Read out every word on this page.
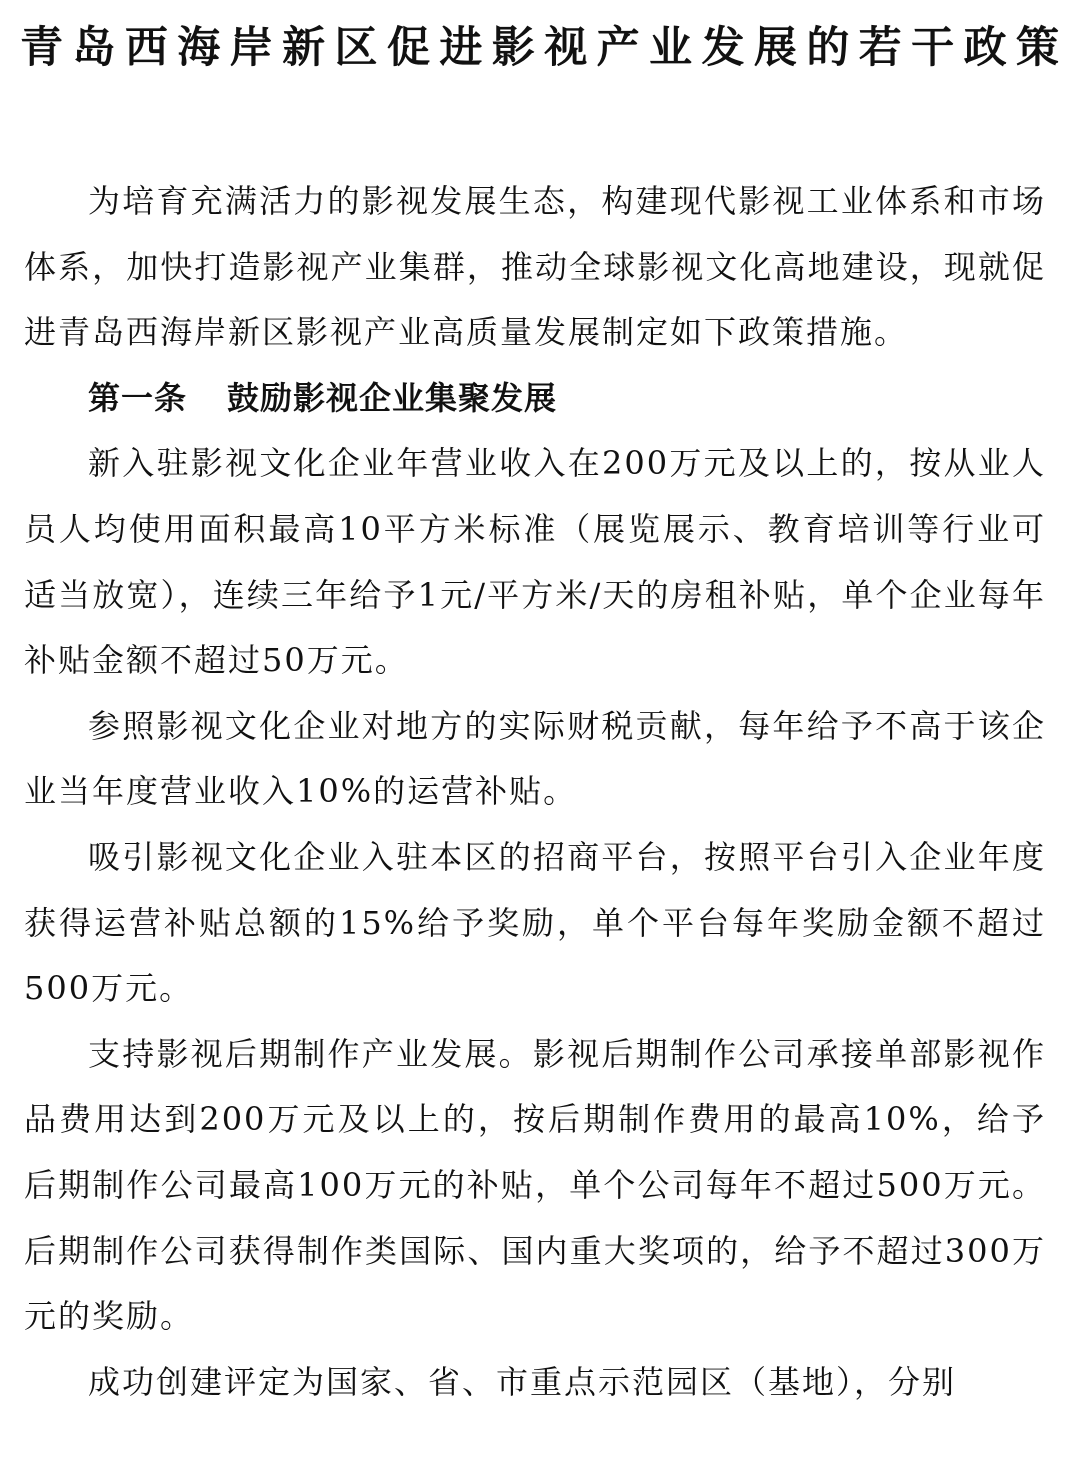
青岛西海岸新区促进影视产业发展的若干政策

为培育充满活力的影视发展生态，构建现代影视工业体系和市场体系，加快打造影视产业集群，推动全球影视文化高地建设，现就促进青岛西海岸新区影视产业高质量发展制定如下政策措施。

第一条 鼓励影视企业集聚发展

新入驻影视文化企业年营业收入在200万元及以上的，按从业人员人均使用面积最高10平方米标准（展览展示、教育培训等行业可适当放宽），连续三年给予1元/平方米/天的房租补贴，单个企业每年补贴金额不超过50万元。

参照影视文化企业对地方的实际财税贡献，每年给予不高于该企业当年度营业收入10%的运营补贴。

吸引影视文化企业入驻本区的招商平台，按照平台引入企业年度获得运营补贴总额的15%给予奖励，单个平台每年奖励金额不超过500万元。

支持影视后期制作产业发展。影视后期制作公司承接单部影视作品费用达到200万元及以上的，按后期制作费用的最高10%，给予后期制作公司最高100万元的补贴，单个公司每年不超过500万元。后期制作公司获得制作类国际、国内重大奖项的，给予不超过300万元的奖励。

成功创建评定为国家、省、市重点示范园区（基地），分别
